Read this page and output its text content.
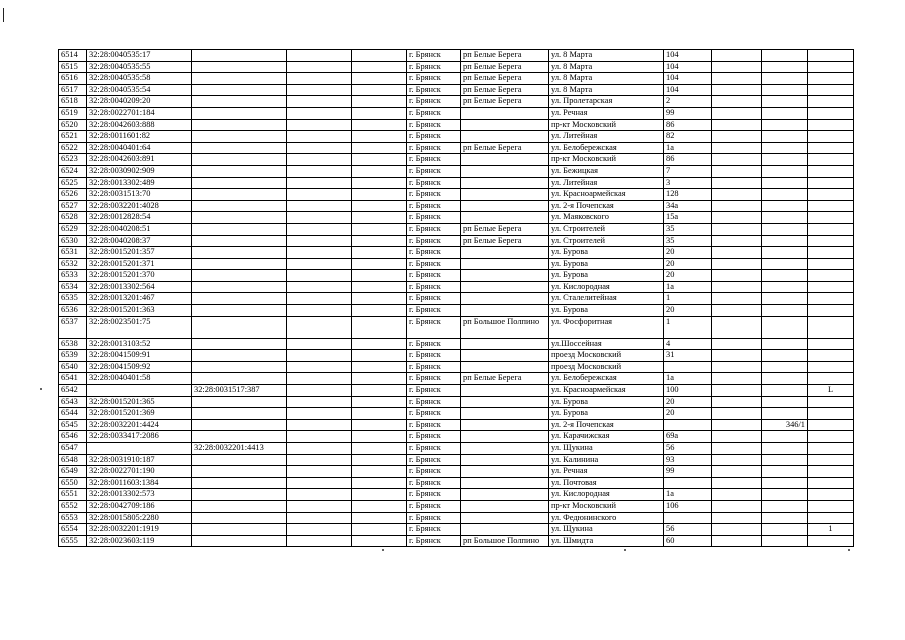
6514	32:28:0040535:17				г. Брянск	рп Белые Берега	ул. 8 Марта	104			
6515	32:28:0040535:55				г. Брянск	рп Белые Берега	ул. 8 Марта	104			
6516	32:28:0040535:58				г. Брянск	рп Белые Берега	ул. 8 Марта	104			
6517	32:28:0040535:54				г. Брянск	рп Белые Берега	ул. 8 Марта	104			
6518	32:28:0040209:20				г. Брянск	рп Белые Берега	ул. Пролетарская	2			
6519	32:28:0022701:184				г. Брянск		ул. Речная	99			
6520	32:28:0042603:888				г. Брянск		пр-кт Московский	86			
6521	32:28:0011601:82				г. Брянск		ул. Литейная	82			
6522	32:28:0040401:64				г. Брянск	рп Белые Берега	ул. Белобережская	1а			
6523	32:28:0042603:891				г. Брянск		пр-кт Московский	86			
6524	32:28:0030902:909				г. Брянск		ул. Бежицкая	7			
6525	32:28:0013302:489				г. Брянск		ул. Литейная	3			
6526	32:28:0031513:70				г. Брянск		ул. Красноармейская	128			
6527	32:28:0032201:4028				г. Брянск		ул. 2-я Почепская	34а			
6528	32:28:0012828:54				г. Брянск		ул. Маяковского	15а			
6529	32:28:0040208:51				г. Брянск	рп Белые Берега	ул. Строителей	35			
6530	32:28:0040208:37				г. Брянск	рп Белые Берега	ул. Строителей	35			
6531	32:28:0015201:357				г. Брянск		ул. Бурова	20			
6532	32:28:0015201:371				г. Брянск		ул. Бурова	20			
6533	32:28:0015201:370				г. Брянск		ул. Бурова	20			
6534	32:28:0013302:564				г. Брянск		ул. Кислородная	1а			
6535	32:28:0013201:467				г. Брянск		ул. Сталелитейная	1			
6536	32:28:0015201:363				г. Брянск		ул. Бурова	20			
6537	32:28:0023501:75				г. Брянск	рп Большое Полпино	ул. Фосфоритная	1			
6538	32:28:0013103:52				г. Брянск		ул.Шоссейная	4			
6539	32:28:0041509:91				г. Брянск		проезд Московский	31			
6540	32:28:0041509:92				г. Брянск		проезд Московский				
6541	32:28:0040401:58				г. Брянск	рп Белые Берега	ул. Белобережская	1а			
6542		32:28:0031517:387			г. Брянск		ул. Красноармейская	100			L
6543	32:28:0015201:365				г. Брянск		ул. Бурова	20			
6544	32:28:0015201:369				г. Брянск		ул. Бурова	20			
6545	32:28:0032201:4424				г. Брянск		ул. 2-я Почепская			346/1	
6546	32:28:0033417:2086				г. Брянск		ул. Карачижская	69а			
6547		32:28:0032201:4413			г. Брянск		ул. Щукина	56			
6548	32:28:0031910:187				г. Брянск		ул. Калинина	93			
6549	32:28:0022701:190				г. Брянск		ул. Речная	99			
6550	32:28:0011603:1384				г. Брянск		ул. Почтовая				
6551	32:28:0013302:573				г. Брянск		ул. Кислородная	1а			
6552	32:28:0042709:186				г. Брянск		пр-кт Московский	106			
6553	32:28:0015805:2280				г. Брянск		ул. Федюнинского				
6554	32:28:0032201:1919				г. Брянск		ул. Щукина	56			1
6555	32:28:0023603:119				г. Брянск	рп Большое Полпино	ул. Шмидта	60			
